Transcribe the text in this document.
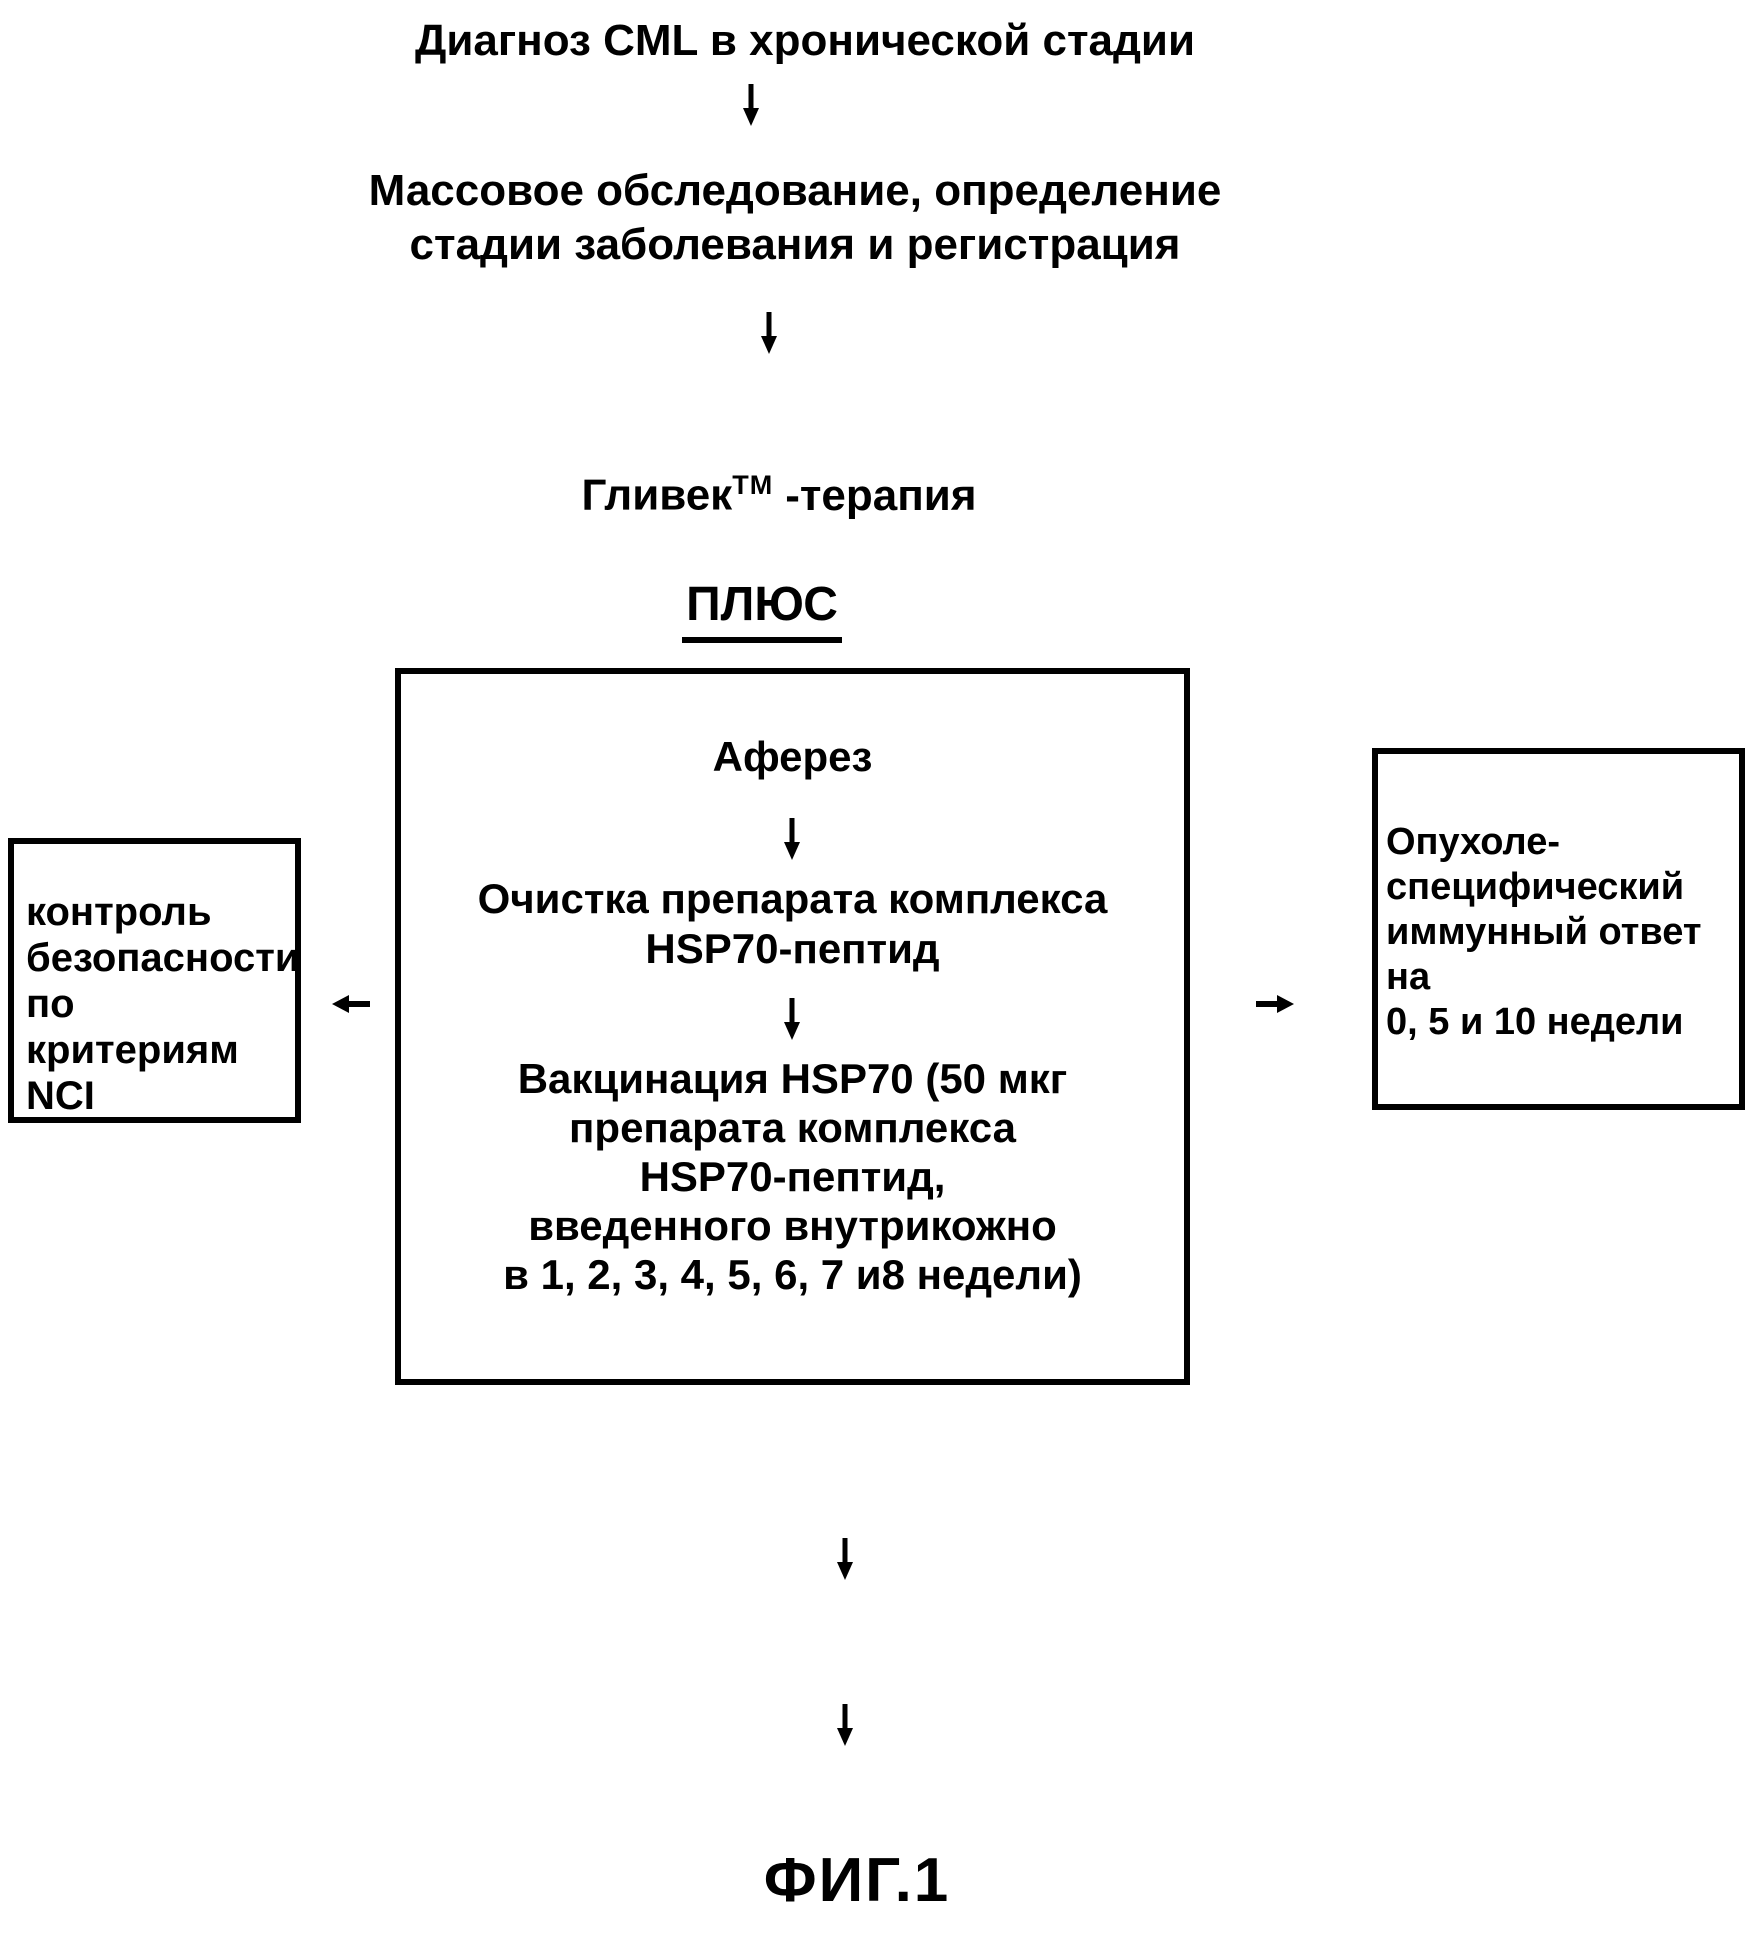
Диагноз CML в хронической стадии
Массовое обследование, определение
стадии заболевания и регистрация

Гливек™ -терапия

ПЛЮС

Аферез
Очистка препарата комплекса
HSP70-пептид
Вакцинация HSP70 (50 мкг
препарата комплекса
HSP70-пептид,
введенного внутрикожно
в 1, 2, 3, 4, 5, 6, 7 и8 недели)
контроль
безопасности
по критериям
NCI
Опухоле-
специфический
иммунный ответ на
0, 5 и 10 недели
ФИГ.1
